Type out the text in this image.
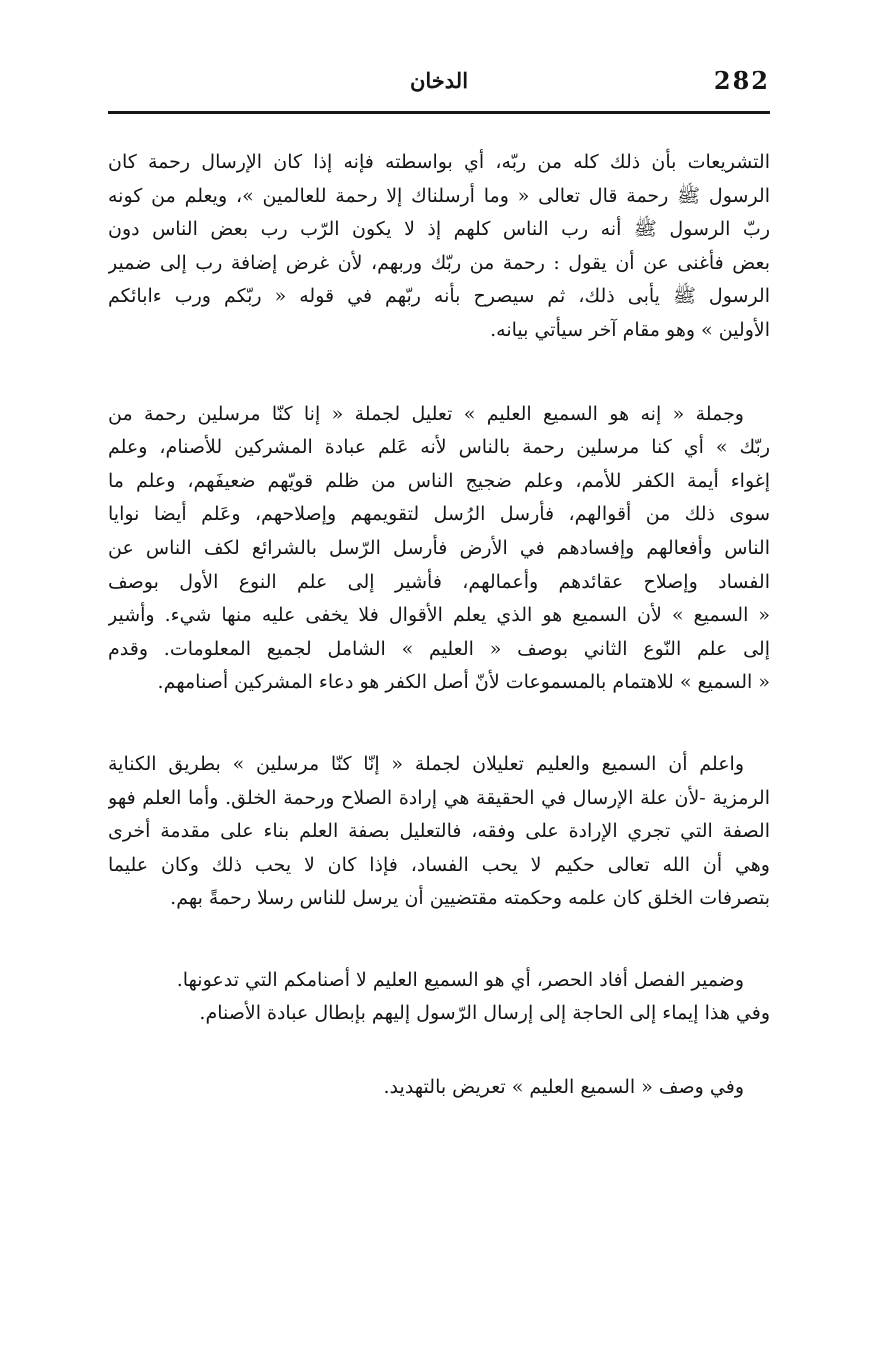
282
الدخان
التشريعات بأن ذلك كله من ربّه، أي بواسطته فإنه إذا كان الإرسال رحمة كان
الرسول ﷺ رحمة قال تعالى « وما أرسلناك إلا رحمة للعالمين »، ويعلم من كونه
ربّ الرسول ﷺ أنه رب الناس كلهم إذ لا يكون الرّب رب بعض الناس دون
بعض فأغنى عن أن يقول : رحمة من ربّك وربهم، لأن غرض إضافة رب إلى ضمير
الرسول ﷺ يأبى ذلك، ثم سيصرح بأنه ربّهم في قوله « ربّكم ورب ءابائكم
الأولين » وهو مقام آخر سيأتي بيانه.
وجملة « إنه هو السميع العليم » تعليل لجملة « إنا كنّا مرسلين رحمة من
ربّك » أي كنا مرسلين رحمة بالناس لأنه عَلم عبادة المشركين للأصنام، وعلم
إغواء أيمة الكفر للأمم، وعلم ضجيج الناس من ظلم قويّهم ضعيفَهم، وعلم ما
سوى ذلك من أقوالهم، فأرسل الرُسل لتقويمهم وإصلاحهم، وعَلم أيضا نوايا
الناس وأفعالهم وإفسادهم في الأرض فأرسل الرّسل بالشرائع لكف الناس عن
الفساد وإصلاح عقائدهم وأعمالهم، فأشير إلى علم النوع الأول بوصف
« السميع » لأن السميع هو الذي يعلم الأقوال فلا يخفى عليه منها شيء. وأشير
إلى علم النّوع الثاني بوصف « العليم » الشامل لجميع المعلومات. وقدم
« السميع » للاهتمام بالمسموعات لأنّ أصل الكفر هو دعاء المشركين أصنامهم.
واعلم أن السميع والعليم تعليلان لجملة « إنّا كنّا مرسلين » بطريق الكناية
الرمزية -لأن علة الإرسال في الحقيقة هي إرادة الصلاح ورحمة الخلق. وأما العلم فهو
الصفة التي تجري الإرادة على وفقه، فالتعليل بصفة العلم بناء على مقدمة أخرى
وهي أن الله تعالى حكيم لا يحب الفساد، فإذا كان لا يحب ذلك وكان عليما
بتصرفات الخلق كان علمه وحكمته مقتضيين أن يرسل للناس رسلا رحمةً بهم.
وضمير الفصل أفاد الحصر، أي هو السميع العليم لا أصنامكم التي تدعونها.
وفي هذا إيماء إلى الحاجة إلى إرسال الرّسول إليهم بإبطال عبادة الأصنام.
وفي وصف « السميع العليم » تعريض بالتهديد.
